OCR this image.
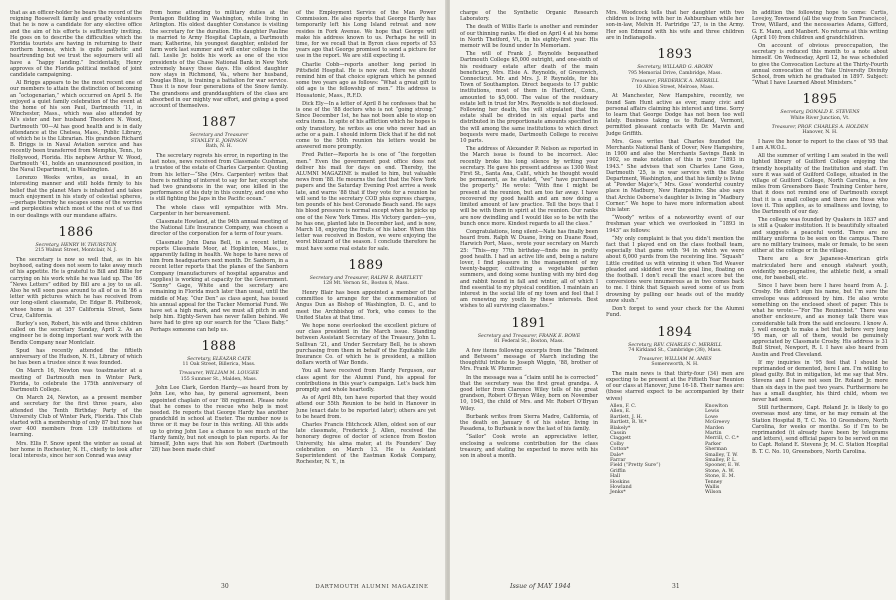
that as an officer-holder he bears the record of the reigning Roosevelt family and greatly volunteers that he is now a candidate for any elective office and the aim of his efforts is sufficiently inviting. He goes on to describe the difficulties which the Floridia tourists are having in returning to their northern homes, which is quite pathetic and heartrending but we trust the sojourners will all have a “happy landing.” Incidentally, Henry approves of the Florida political method of joint candidate campaigning.

Al Briggs appears to be the most recent one of our members to attain the distinction of becoming an “octogenarian,” which occurred on April 5. He enjoyed a quiet family celebration of the event at the home of his son Paul, Dartmouth ’11, in Winchester, Mass., which was also attended by Al’s sister and her husband Theodore N. Wood, Dartmouth ’00—Al has good health and is in daily attendance at the Chelsea, Mass., Public Library, of which he is the Librarian. His grandson Richard B. Briggs is in Naval Aviation service and has recently been transferred from Memphis, Tenn., to Hollywood, Florida. His nephew Arthur W. Wood, Dartmouth ’41, holds an unannounced position, in the Naval Department, in Washington.

Lorenzo Weeks writes, as usual, in an interesting manner and still holds firmly to his belief that the planet Mars is inhabited and takes much enjoyment in his study of celestial spheres,—perhaps thereby he escapes some of the worries and perplexities which most of the rest of us find in our dealings with our mundane affairs.

1886
Secretary, HENRY W. THURSTON
215 Walnut Street, Montclair, N. J.

The secretary is now so well that, as in his boyhood, eating does not seem to take away much of his appetite. He is grateful to Bill and Billie for carrying on his work while he was laid up. The ’86 “News Letters” edited by Bill are a joy to us all. Also he will soon pass around to all of us in ’86 a letter with pictures which he has received from our long-silent classmate, Dr. Edgar B. Philbrook, whose home is at 357 California Street, Sans Cruz, California.

Burley’s son, Robert, his wife and three children called on the secretary Sunday, April 2. As an engineer he is doing important war work with the Bendix Company near Montclair.

Spud has recently attended the fiftieth anniversary of the Hudson, N. H., Library of which he has been a trustee since it was founded.

On March 16, Newton was toastmaster at a meeting of Dartmouth men in Winter Park, Florida, to celebrate the 175th anniversary of Dartmouth College.

On March 24, Newton, as a present member and secretary for the first three years, also attended the Tenth Birthday Party of the University Club of Winter Park, Florida. This Club started with a membership of only 87 but now has over 400 members from 139 institutions of learning.

Mrs. Ellis F. Snow spent the winter as usual at her home in Rochester, N. H., chiefly to look after local interests, since her son Conrad was away

from home attending to military duties at the Pentagon Building in Washington, while living in Arlington. His oldest daughter Constance is visiting the secretary for the duration. His daughter Pauline is married to Army Hospital Captain, a Dartmouth man; Katherine, his youngest daughter, enlisted for farm work last summer and will enter college in the fall. Leslie Jr. holds his work as one of the vice presidents of the Chase National Bank in New York extremely heavy these days. His oldest daughter now stays in Richmond, Va., where her husband, Douglas Blue, is training a battalion for war service. Thus it is now four generations of the Snow family. The grandsons and granddaughters of the class are absorbed in our mighty war effort, and giving a good account of themselves.

1887
Secretary and Treasurer
STANLEY E. JOHNSON
Bath, N. H.

The secretary regrets his error, in reporting in the last notes, news received from Classmate Cushman, a trustee of the estate of Charles Carpenter. Quoting from his letter—“She (Mrs. Carpenter) writes that there is nothing of interest to say for her, except she had two grandsons in the war, one killed in the performance of his duty in this country, and one who is still fighting the Japs in the Pacific ocean.”

The whole class will sympathize with Mrs. Carpenter in her bereavement.

Classmate Howland, at the 94th annual meeting of the National Life Insurance Company, was chosen a director of the corporation for a term of four years.

Classmate John Dana Bell, in a recent letter, reports Classmate Moor, at Hopkinton, Mass., is apparently failing in health. We hope to have news of him from headquarters next month. Dr. Sanborn, in a recent letter reports that the planes of the Sanborn Company (manufacturers of hospital apparatus and supplies) is working at capacity for the Government. “Sonny” Gage, White and the secretary are remaining in Florida much later than usual, until the middle of May. “Our Den” as class agent, has issued his annual appeal for the Tucker Memorial Fund. We have set a high mark, and we must all pitch in and help him. Eighty-Seven has never fallen behind. We have had to give up our search for the “Class Baby.” Perhaps someone can help us.

1888
Secretary, ELEAZAR CATE
11 Oak Street, Billerica, Mass.
Treasurer, WILLIAM M. LOUGEE
155 Summer St., Malden, Mass.

John Lee Clark, Gordon Hardy—as heard from by John Lee, who has, by general agreement, been appointed chaplain of our ’88 regiment. Please note that he comes to the rescue who help is most needed. He reports that George Hardy has another grandchild in school at Exeter. The number now is three or it may be four in this writing. All this adds up to giving John Lee a chance to see much of the Hardy family, but not enough to plan reports. As for himself, John says that his son Robert (Dartmouth ’28) has been made chief

of the Employment Service of the Man Power Commission. He also reports that George Hardy has temporarily left his Long Island retreat and now resides in Fork Avenue. We hope that George will make his address known to us. Perhaps he will in time, for we recall that in Byron class reports of 53 years ago that George promised to send a picture for use in the report. We are still expecting it.

Charlie Cobb—reports another long period in Pittsfield Hospital. He is now out. Here we should remind him of that choice epigram which he penned some two years ago as follows: “What a great gift to old age is the fellowship of men.” His address is Housatonic, Mass., R.F.D.

Dick Ely—In a letter of April 8 he confesses that he is one of the ’88 doctors who is not “going strong.” Since December 1st, he has not been able to stop on extra items. In spite of his affliction which he hopes is only transitory, he writes as one who never had an ache or a pain. I should inform Dick that if he did not come to the 50th reunion his letters would be answered more promptly.

Fred Patter—Reports he is one of “the forgotten men.” Even the government post office does not deliver his mail for days on end. Thereby, the ALUMNI MAGAZINE is mailed to him, but valuable news from ’88. He mourns the fact that the New York papers and the Saturday Evening Post arrive a week late, and warns ’88 that if they vote for a reunion he will send to the secretary COD plus express charges, ten pounds of his best Coronado Beach sand. He says his blood pressure is normal except when he picks up one of the New York Times. His Victory garden—yes, he has one, planted late in December last, and is now, March 18, enjoying the fruits of his labor. When this letter was received in Boston, we were enjoying the worst blizzard of the season. I conclude therefore he must have some real estate for sale.

1889
Secretary and Treasurer, RALPH R. BARTLETT
128 Mt. Vernon St., Boston 8, Mass.

Henry Blair has been appointed a member of the committee to arrange for the commemoration of Angus Dun as Bishop of Washington, D. C., and to meet the Archbishop of York, who comes to the United States at that time.

We hope none overlooked the excellent picture of our class president in the March issue. Standing between Assistant Secretary of the Treasury, John L. Sullivan ’21, and Under Secretary Bell, he is shown purchasing from them in behalf of the Equitable Life Insurance Co. of which he is president, a million dollars worth of War Bonds.

You all have received from Hardy Ferguson, our class agent for the Alumni Fund, his appeal for contributions in this year’s campaign. Let’s back him promptly and whole heartedly.

As of April 8th, ten have reported that they would attend our 55th Reunion to be held in Hanover in June (exact date to be reported later); others are yet to be heard from.

Charles Francis Hitchcock Allen, oldest son of our late classmate, Frederick J. Allen, received the honorary degree of doctor of science from Boston University, his alma mater, at its Founders’ Day celebration on March 13. He is Assistant Superintendent of the Eastman Kodak Company, Rochester, N. Y., in

30	DARTMOUTH ALUMNI MAGAZINE

charge of the Synthetic Organic Research Laboratory.

The death of Willis Earle is another and reminder of our thinning ranks. He died on April 4 at his home in North Thetford, Vt., in his eighty-first year. His memoir will be found under In Memoriam.

The will of Frank J. Reynolds bequeathed Dartmouth College $5,000 outright, and one-sixth of his residuary estate after death of the main beneficiary, Mrs. Elsie A. Reynolds, of Greenwich, Connecticut. Mr. and Mrs. J. P. Reynolds, for his Town of Southampton. Direct bequests to 17 public institutions, most of them in Hartford, Conn., amounted to $5,000. The value of the residuary estate left in trust for Mrs. Reynolds is not disclosed. Following her death, the will stipulated that the estate shall be divided in six equal parts and distributed in the proportionate amounts specified in the will among the same institutions to which direct bequests were made, Dartmouth College to receive 10 parts.

The address of Alexander P. Nelson as reported in the March issue is found to be incorrect. Alec recently broke his long silence by writing your secretary. He gave his present address as 1300 West First St., Santa Ana, Calif., which he thought would be permanent, as he stated, “we” have purchased the property.” He wrote: “With fine I might be present at the reunion, but am too far away. I have recovered my good health and am now doing a limited amount of law practice. Tell the boys that I will be with them in spirit at the reunion. Our ranks are now dwindling and I would like so to be with the bunch once more. Kindest regards to all the class.”

Congratulations, long silent—Nate has finally been heard from. Ralph W. Duane, living on Duane Road, Harwich Port, Mass., wrote your secretary on March 25: “This—my 77th birthday—finds me in pretty good health. I had an active life and, being a nature lover, I find pleasure in the management of my twenty-bagger, cultivating a vegetable garden summers, and doing some hunting with my bird dog and rabbit hound in fall and winter, all of which I find essential to my physical condition. I maintain an interest in the social life of my town and feel that I am renewing my youth by these interests. Best wishes to all surviving classmates.”

1891
Secretary and Treasurer, FRANK E. BOWE
81 Federal St., Boston, Mass.

A few items following excerpts from the “Belmont and Between” message of March including the thoughtful tribute to Joseph Wiggin, ’88, brother of Mrs. Frank W. Plummer.

In the message was a “claim until he is corrected” that the secretary was the first great grandpa. A good letter from Clarence Wiley tells of his great grandson, Robert O’Bryan Wiley, born on November 10, 1943, the child of Mrs. and Mr. Robert O’Bryan Wiley.

Burbank writes from Sierra Madre, California, of the death on January 6 of his sister, living in Pasadena, to Burbank is now the last of his family.

“Sailor” Cook wrote an appreciative letter, enclosing a welcome contribution for the class treasury, and stating he expected to move with his son in about a month.

Mrs. Woodcock tells that her daughter with two children is living with her in Ashburnham while her son-in-law, Melvin H. Partridge ’27, is in the Army. Her son Edmund with his wife and three children are in Indianapolis.

1893
Secretary, WILLARD G. ABORN
795 Memorial Drive, Cambridge, Mass.
Treasurer, FREDERICK A. MERRILL
10 Albion Street, Melrose, Mass.

At Manchester, New Hampshire, recently, we found Sam Hunt active as ever, many civic and personal affairs claiming his interest and time. Sorry to learn that George Dodge has not been too well lately. Business taking us to Rutland, Vermont, permitted pleasant contacts with Dr. Marvin and Judge Griffith.

Mrs. Goss writes that Charles founded the Merchants National Bank of Dover, New Hampshire, in 1900 and also the Merchants Savings Bank in 1902, so make notation of this in your “1893 in 1943.” She advises that son Charles Lane Goss, Dartmouth ’25, is in war service with the State Department, Washington, and that his family is living at “Powder Major’s,” Mrs. Goss’ wonderful country place in Madbury, New Hampshire. She also says that Archie Osborne’s daughter is living in “Madbury Corner.” We hope to have more information about this later.

“Woody” writes of a noteworthy event of our freshman year which we overlooked in “1893 in 1943” as follows:

“My only complaint is that you didn’t mention the fact that I played end on the class football team, especially that game with ’94 in which we were about 6,000 yards from the receiving line. “Squash” Little credited us with winning it when Ted Weaver pleaded and skidded over the goal line, floating on the football. I don’t recall the exact score but the conversions were innumerous as in two comes back to me. I think that Squash saved some of us from drowning by pulling our heads out of the muddy snow slush.”

Don’t forget to send your check for the Alumni Fund.

1894
Secretary, REV. CHARLES C. MERRILL
74 Kirkland St., Cambridge (38), Mass.
Treasurer, WILLIAM M. AMES
Somersworth, N. H.

The main news is that thirty-four (34) men are expecting to be present at the Fiftieth Year Reunion of our class at Hanover, June 16-18. Their names are: (those starred expect to be accompanied by their wives)

Allen, F. C.
Allen, E.
Bartlett, J. H.
Bartlett, R. W.*
Blakely*
Cassin
Claggett
Colby
Cotton*
Dale*
Farrar
Field (“Pretty Sure”)
Griffin
Hall
Hoskins
Howland
Jenks*
Knowlton
Lewis
Lowe
McGreevy
Marden
Martin
Merrill, C. C.*
Parker
Sherman
Smalley, T. W.
Smalley, P. L.
Spooner, E. W.
Stone, A. W.
Stone, E. M.
Tenney
Wallis
Wilson

In addition the following hope to come: Curtis, Lovejoy, Townsend (all the way from San Francisco), Trow, Willard, and the necessaries Adams, Gifford, G. E. Mann, and Manbert. No returns at this writing (April 10) from children and grandchildren.

On account of obvious preoccupation, the secretary is reduced this month to a note about himself. On Wednesday, April 12, he was scheduled to give the Convocation Lecture at the Thirty-Fourth annual convocation of the Yale University Divinity School, from which he graduated in 1897. Subject: “What I have Learned About Ministers.”

1895
Secretary, DONALD E. STEVENS
White River Junction, Vt.
Treasurer, PROF. CHARLES A. HOLDEN
Hanover, N. H.

I have the honor to report to the class of ’95 that I am A.W.O.L.

All the summer of writing I am seated in the well lighted library of Guilford College enjoying the friendly hospitality of the Institution and staff. I’m sure it was said of Guilford College, situated in the village of Guilford College, North Carolina, a few miles from Greensboro Basic Training Center here, that it does not remind one of Dartmouth except that it is a small college and there are those who love it. This applies, as to smallness and loving, to the Dartmouth of our day.

The college was founded by Quakers in 1837 and is still a Quaker institution. It is beautifully situated and suggests a peaceful world. There are no military uniforms to be seen on the campus. There are no military trainees, male or female, to be seen either at the college or in the village.

There are a few Japanese-American girls matriculated here and enough stalwart youth, evidently non-pugnative, the athletic field, a small one, for baseball, etc.

Since I have been here I have heard from A. J. Crosby. He didn’t sign his name, but I’m sure the envelope was addressed by him. He also wrote something on the enclosed sheet of paper. This is what he wrote:—“For The Reunionist.” There was another enclosure, and as money talk there was considerable talk from the said enclosure. I know A. J. well enough to make a bet that before very long ’95 man, or all of them, would be genuinely appreciated by Classmate Crosby. His address is 31 Bull Street, Newport, R. I. I have also heard from Austin and Fred Cleveland.

If my inquiries in ’95 feel that I should be reprimanded or demented, here I am. I’m willing to plead guilty. But in mitigation, let me say that Mrs. Stevens and I have not seen Dr. Roland Jr. more than six days in the past two years. Furthermore he has a small daughter, his third child, whom we never had seen.

Still furthermore, Capt. Roland Jr. is likely to go overseas most any time, or he may remain at the Station Hospital B, T. C. No. 10 Greensboro, North Carolina, for weeks or months. So if I’m to be reprimanded (it already have been by telegrams and letters), send official papers to be served on me to Capt. Roland E. Stevens Jr, M. C. Station Hospital B. T. C. No. 10, Greensboro, North Carolina.

Issue of MAY 1944	31
